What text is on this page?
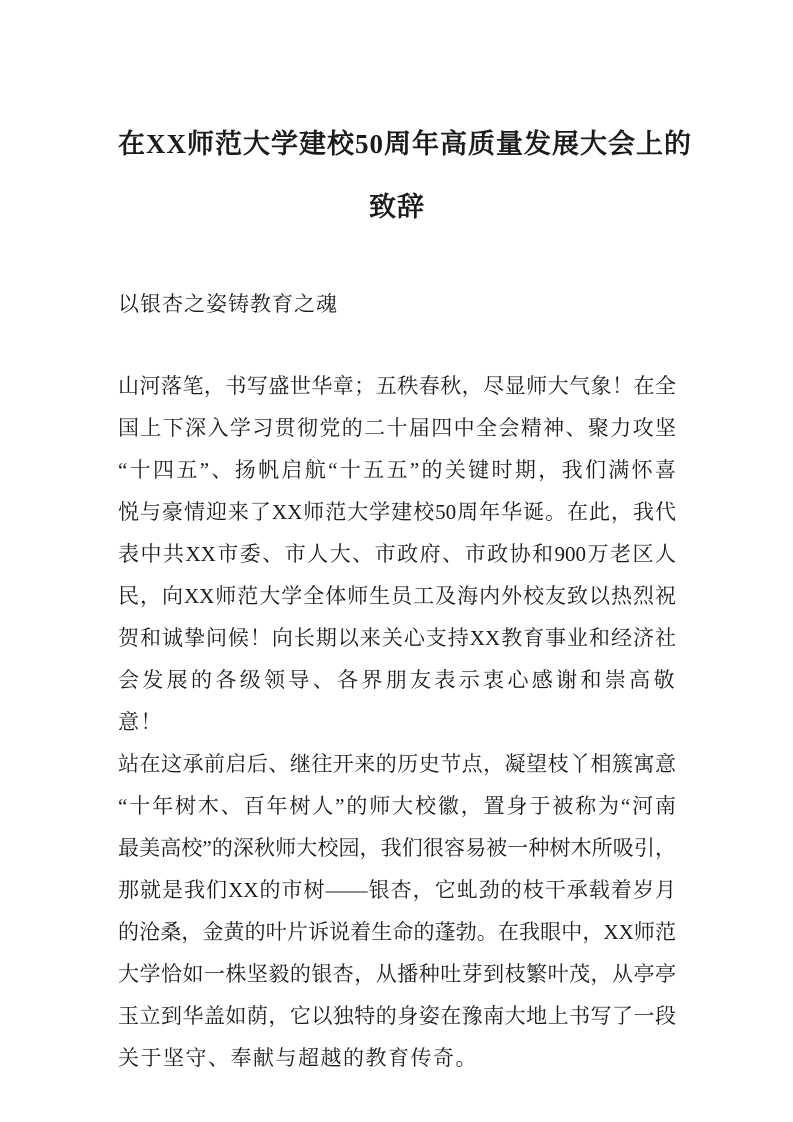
在XX师范大学建校50周年高质量发展大会上的
致辞
以银杏之姿铸教育之魂
山河落笔，书写盛世华章；五秩春秋，尽显师大气象！在全
国上下深入学习贯彻党的二十届四中全会精神、聚力攻坚
“十四五”、扬帆启航“十五五”的关键时期，我们满怀喜
悦与豪情迎来了XX师范大学建校50周年华诞。在此，我代
表中共XX市委、市人大、市政府、市政协和900万老区人
民，向XX师范大学全体师生员工及海内外校友致以热烈祝
贺和诚挚问候！向长期以来关心支持XX教育事业和经济社
会发展的各级领导、各界朋友表示衷心感谢和崇高敬意！
站在这承前启后、继往开来的历史节点，凝望枝丫相簇寓意
“十年树木、百年树人”的师大校徽，置身于被称为“河南
最美高校”的深秋师大校园，我们很容易被一种树木所吸引，
那就是我们XX的市树——银杏，它虬劲的枝干承载着岁月
的沧桑，金黄的叶片诉说着生命的蓬勃。在我眼中，XX师范
大学恰如一株坚毅的银杏，从播种吐芽到枝繁叶茂，从亭亭
玉立到华盖如荫，它以独特的身姿在豫南大地上书写了一段
关于坚守、奉献与超越的教育传奇。
